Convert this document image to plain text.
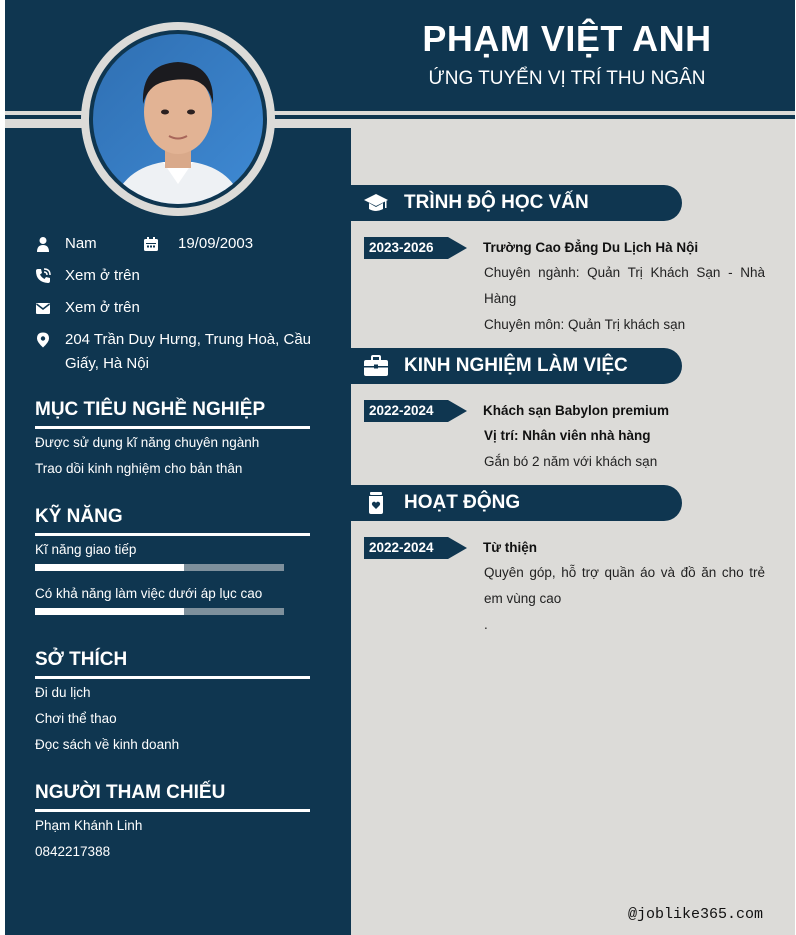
PHẠM VIỆT ANH
ỨNG TUYỂN VỊ TRÍ THU NGÂN
Nam	19/09/2003
Xem ở trên
Xem ở trên
204 Trần Duy Hưng, Trung Hoà, Cầu
Giấy, Hà Nội
MỤC TIÊU NGHỀ NGHIỆP
Được sử dụng kĩ năng chuyên ngành
Trao dồi kinh nghiệm cho bản thân
KỸ NĂNG
Kĩ năng giao tiếp
Có khả năng làm việc dưới áp lục cao
SỞ THÍCH
Đi du lịch
Chơi thể thao
Đọc sách về kinh doanh
NGƯỜI THAM CHIẾU
Phạm Khánh Linh
0842217388
TRÌNH ĐỘ HỌC VẤN
2023-2026	Trường Cao Đẳng Du Lịch Hà Nội
Chuyên ngành: Quản Trị Khách Sạn - Nhà Hàng
Chuyên môn: Quản Trị khách sạn
KINH NGHIỆM LÀM VIỆC
2022-2024	Khách sạn Babylon premium
Vị trí: Nhân viên nhà hàng
Gắn bó 2 năm với khách sạn
HOẠT ĐỘNG
2022-2024	Từ thiện
Quyên góp, hỗ trợ quần áo và đồ ăn cho trẻ em vùng cao
.
@joblike365.com
